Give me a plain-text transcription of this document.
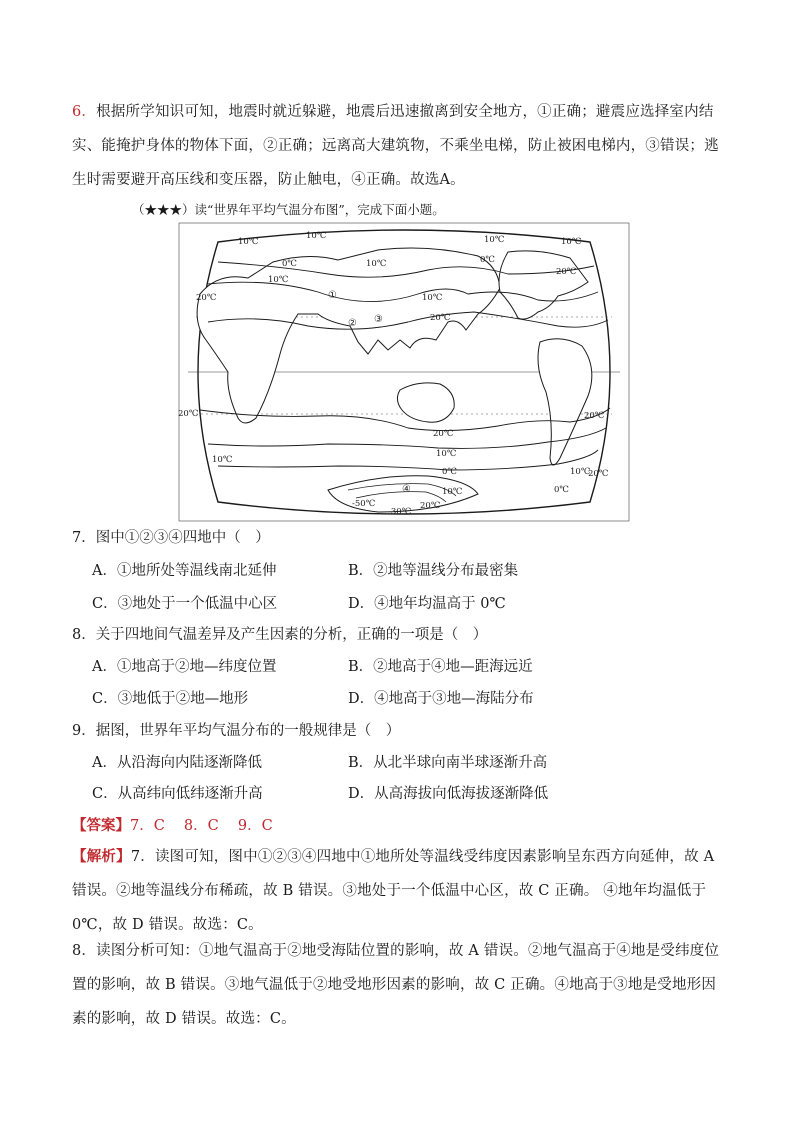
6．根据所学知识可知，地震时就近躲避，地震后迅速撤离到安全地方，①正确；避震应选择室内结实、能掩护身体的物体下面，②正确；远离高大建筑物，不乘坐电梯，防止被困电梯内，③错误；逃生时需要避开高压线和变压器，防止触电，④正确。故选A。
（★★★）读“世界年平均气温分布图”，完成下面小题。
10℃
0℃
20℃	10℃
20℃
10℃
20℃
20℃	20℃
20℃
10℃
10℃
0℃	10℃
0℃
10℃
-50℃
-30℃
20℃
10℃
0℃
10℃
10℃
10℃
20℃
①
② ③
④
7．图中①②③④四地中（　）
A．①地所处等温线南北延伸	B．②地等温线分布最密集
C．③地处于一个低温中心区	D．④地年均温高于 0℃
8．关于四地间气温差异及产生因素的分析，正确的一项是（　）
A．①地高于②地—纬度位置	B．②地高于④地—距海远近
C．③地低于②地—地形	D．④地高于③地—海陆分布
9．据图，世界年平均气温分布的一般规律是（　）
A．从沿海向内陆逐渐降低	B．从北半球向南半球逐渐升高
C．从高纬向低纬逐渐升高	D．从高海拔向低海拔逐渐降低
【答案】7．C　 8．C　 9．C
【解析】7．读图可知，图中①②③④四地中①地所处等温线受纬度因素影响呈东西方向延伸，故 A 错误。②地等温线分布稀疏，故 B 错误。③地处于一个低温中心区，故 C 正确。 ④地年均温低于 0℃，故 D 错误。故选：C。
8．读图分析可知：①地气温高于②地受海陆位置的影响，故 A 错误。②地气温高于④地是受纬度位置的影响，故 B 错误。③地气温低于②地受地形因素的影响，故 C 正确。④地高于③地是受地形因素的影响，故 D 错误。故选：C。
